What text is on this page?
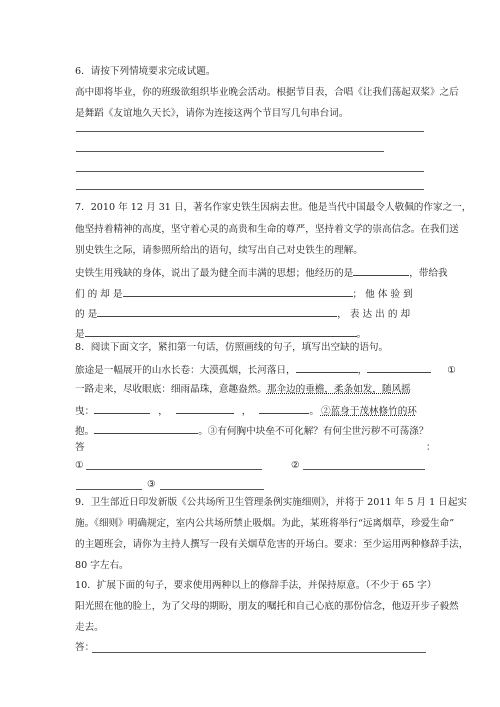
6．请按下列情境要求完成试题。
高中即将毕业，你的班级欲组织毕业晚会活动。根据节目表，合唱《让我们荡起双桨》之后
是舞蹈《友谊地久天长》，请你为连接这两个节目写几句串台词。
7．2010 年 12 月 31 日，著名作家史铁生因病去世。他是当代中国最令人敬佩的作家之一，
他坚持着精神的高度，坚守着心灵的高贵和生命的尊严，坚持着文学的崇高信念。在我们送
别史铁生之际，请参照所给出的语句，续写出自己对史铁生的理解。
史铁生用残缺的身体，说出了最为健全而丰满的思想；他经历的是	，带给我
们 的 却 是	； 他 体 验 到
的 是	， 表 达 出 的 却
是	。
8．阅读下面文字，紧扣第一句话，仿照画线的句子，填写出空缺的语句。
旅途是一幅展开的山水长卷：大漠孤烟，长河落日，	，	①
一路走来，尽收眼底：细雨晶珠，意趣盎然。那伞边的垂檐，柔条如发，随风摇
曳：	，	，	。 ②蓝身于茂林修竹的环
抱。	。③有何胸中块垒不可化解？有何尘世污秽不可荡涤？
答	：
①	②
③
9．卫生部近日印发新版《公共场所卫生管理条例实施细则》，并将于 2011 年 5 月 1 日起实
施。《细则》明确规定，室内公共场所禁止吸烟。为此，某班将举行“远离烟草，珍爱生命”
的主题班会，请你为主持人撰写一段有关烟草危害的开场白。要求：至少运用两种修辞手法，
80 字左右。
10．扩展下面的句子，要求使用两种以上的修辞手法，并保持原意。（不少于 65 字）
阳光照在他的脸上，为了父母的期盼，朋友的嘱托和自己心底的那份信念，他迈开步子毅然
走去。
答：
